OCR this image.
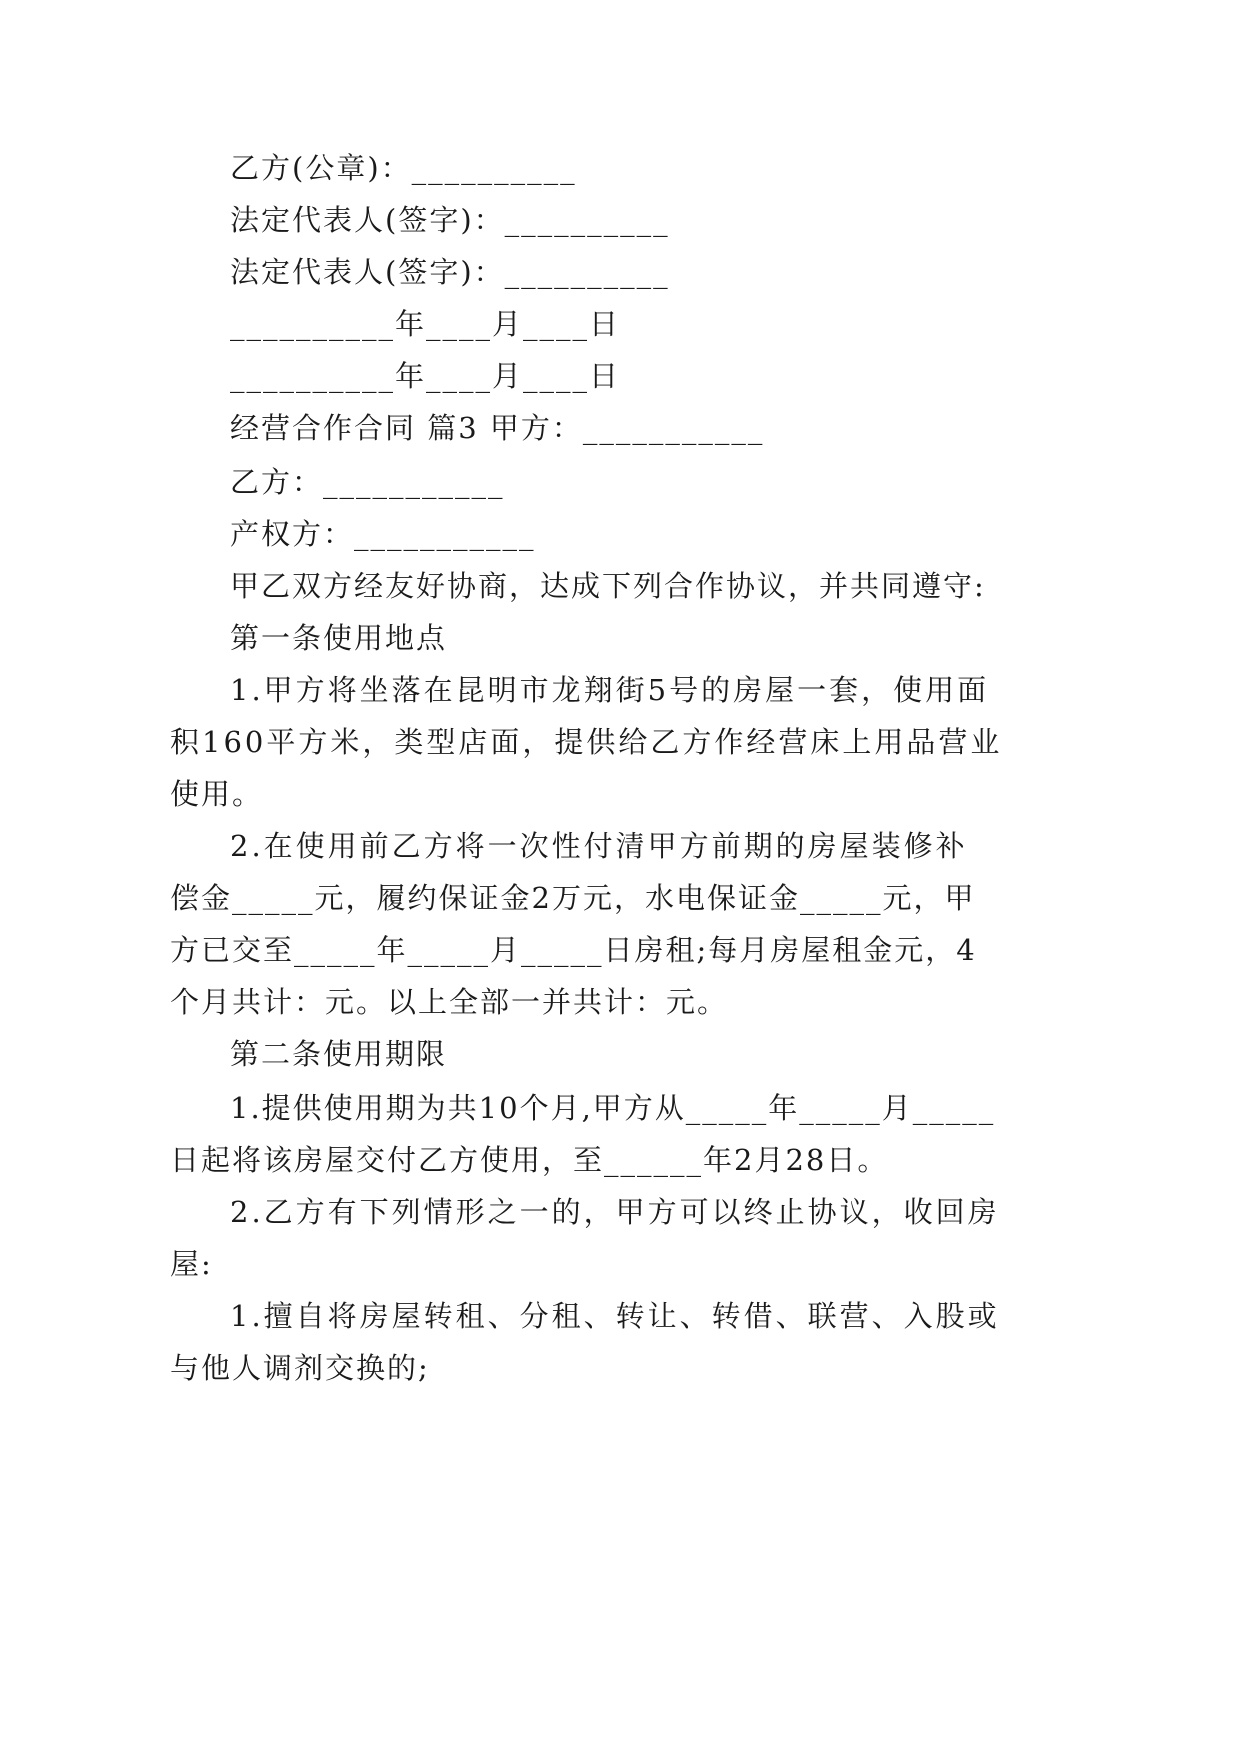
乙方(公章)：__________
法定代表人(签字)：__________
法定代表人(签字)：__________
__________年____月____日
__________年____月____日
经营合作合同 篇3 甲方：___________
乙方：___________
产权方：___________
甲乙双方经友好协商，达成下列合作协议，并共同遵守:
第一条使用地点
1.甲方将坐落在昆明市龙翔街5号的房屋一套，使用面
积160平方米，类型店面，提供给乙方作经营床上用品营业
使用。
2.在使用前乙方将一次性付清甲方前期的房屋装修补
偿金_____元，履约保证金2万元，水电保证金_____元，甲
方已交至_____年_____月_____日房租;每月房屋租金元，4
个月共计：元。以上全部一并共计：元。
第二条使用期限
1.提供使用期为共10个月,甲方从_____年_____月_____
日起将该房屋交付乙方使用，至______年2月28日。
2.乙方有下列情形之一的，甲方可以终止协议，收回房
屋:
1.擅自将房屋转租、分租、转让、转借、联营、入股或
与他人调剂交换的;
